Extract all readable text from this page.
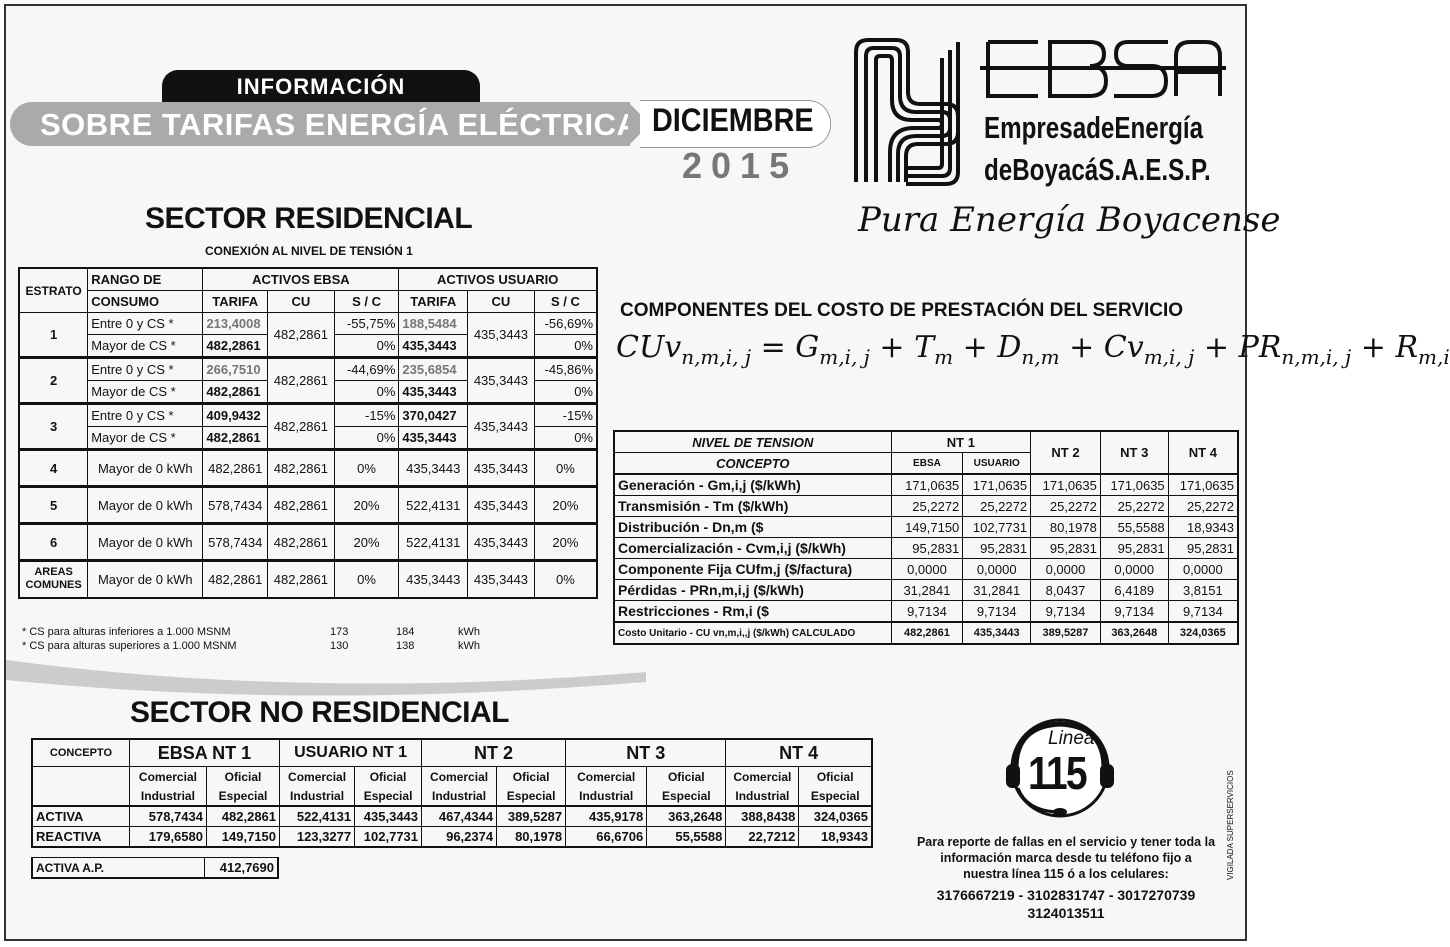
INFORMACIÓN
SOBRE TARIFAS ENERGÍA ELÉCTRICA DICIEMBRE
2015
EmpresadeEnergía
deBoyacáS.A.E.S.P.
Pura Energía Boyacense
SECTOR RESIDENCIAL
CONEXIÓN AL NIVEL DE TENSIÓN 1
ESTRATO	RANGO DE	ACTIVOS EBSA			ACTIVOS USUARIO		
	CONSUMO	TARIFA	CU	S / C	TARIFA	CU	S / C
1	Entre 0 y CS *	213,4008	482,2861	-55,75%	188,5484	435,3443	-56,69%
	Mayor de CS *	482,2861		0%	435,3443		0%
2	Entre 0 y CS *	266,7510	482,2861	-44,69%	235,6854	435,3443	-45,86%
	Mayor de CS *	482,2861		0%	435,3443		0%
3	Entre 0 y CS *	409,9432	482,2861	-15%	370,0427	435,3443	-15%
	Mayor de CS *	482,2861		0%	435,3443		0%
4	Mayor de 0 kWh	482,2861	482,2861	0%	435,3443	435,3443	0%
5	Mayor de 0 kWh	578,7434	482,2861	20%	522,4131	435,3443	20%
6	Mayor de 0 kWh	578,7434	482,2861	20%	522,4131	435,3443	20%
AREAS
COMUNES	Mayor de 0 kWh	482,2861	482,2861	0%	435,3443	435,3443	0%
* CS para alturas inferiores a 1.000 MSNM	173	184	kWh
* CS para alturas superiores a 1.000 MSNM	130	138	kWh
COMPONENTES DEL COSTO DE PRESTACIÓN DEL SERVICIO
$CUv_{n,m,i, j} = G_{m,i, j} + T_m + D_{n,m} + Cv_{m,i, j} + PR_{n,m,i, j} + R_{m,i}$
NIVEL DE TENSION	NT 1		NT 2	NT 3	NT 4
CONCEPTO	EBSA	USUARIO			
Generación - Gm,i,j ($/kWh)	171,0635	171,0635	171,0635	171,0635	171,0635
Transmisión - Tm ($/kWh)	25,2272	25,2272	25,2272	25,2272	25,2272
Distribución - Dn,m ($	149,7150	102,7731	80,1978	55,5588	18,9343
Comercialización - Cvm,i,j ($/kWh)	95,2831	95,2831	95,2831	95,2831	95,2831
Componente Fija CUfm,j ($/factura)	0,0000	0,0000	0,0000	0,0000	0,0000
Pérdidas - PRn,m,i,j ($/kWh)	31,2841	31,2841	8,0437	6,4189	3,8151
Restricciones - Rm,i ($	9,7134	9,7134	9,7134	9,7134	9,7134
Costo Unitario - CU vn,m,i,,j ($/kWh) CALCULADO	482,2861	435,3443	389,5287	363,2648	324,0365
SECTOR NO RESIDENCIAL
CONCEPTO	EBSA NT 1		USUARIO NT 1		NT 2		NT 3		NT 4	
	Comercial	Oficial	Comercial	Oficial	Comercial	Oficial	Comercial	Oficial	Comercial	Oficial
	Industrial	Especial	Industrial	Especial	Industrial	Especial	Industrial	Especial	Industrial	Especial
ACTIVA	578,7434	482,2861	522,4131	435,3443	467,4344	389,5287	435,9178	363,2648	388,8438	324,0365
REACTIVA	179,6580	149,7150	123,3277	102,7731	96,2374	80,1978	66,6706	55,5588	22,7212	18,9343
ACTIVA A.P.	412,7690
Linea
115
Para reporte de fallas en el servicio y tener toda la
información marca desde tu teléfono fijo a
nuestra línea 115 ó a los celulares:
3176667219 - 3102831747 - 3017270739
3124013511
VIGILADA SUPERSERVICIOS
